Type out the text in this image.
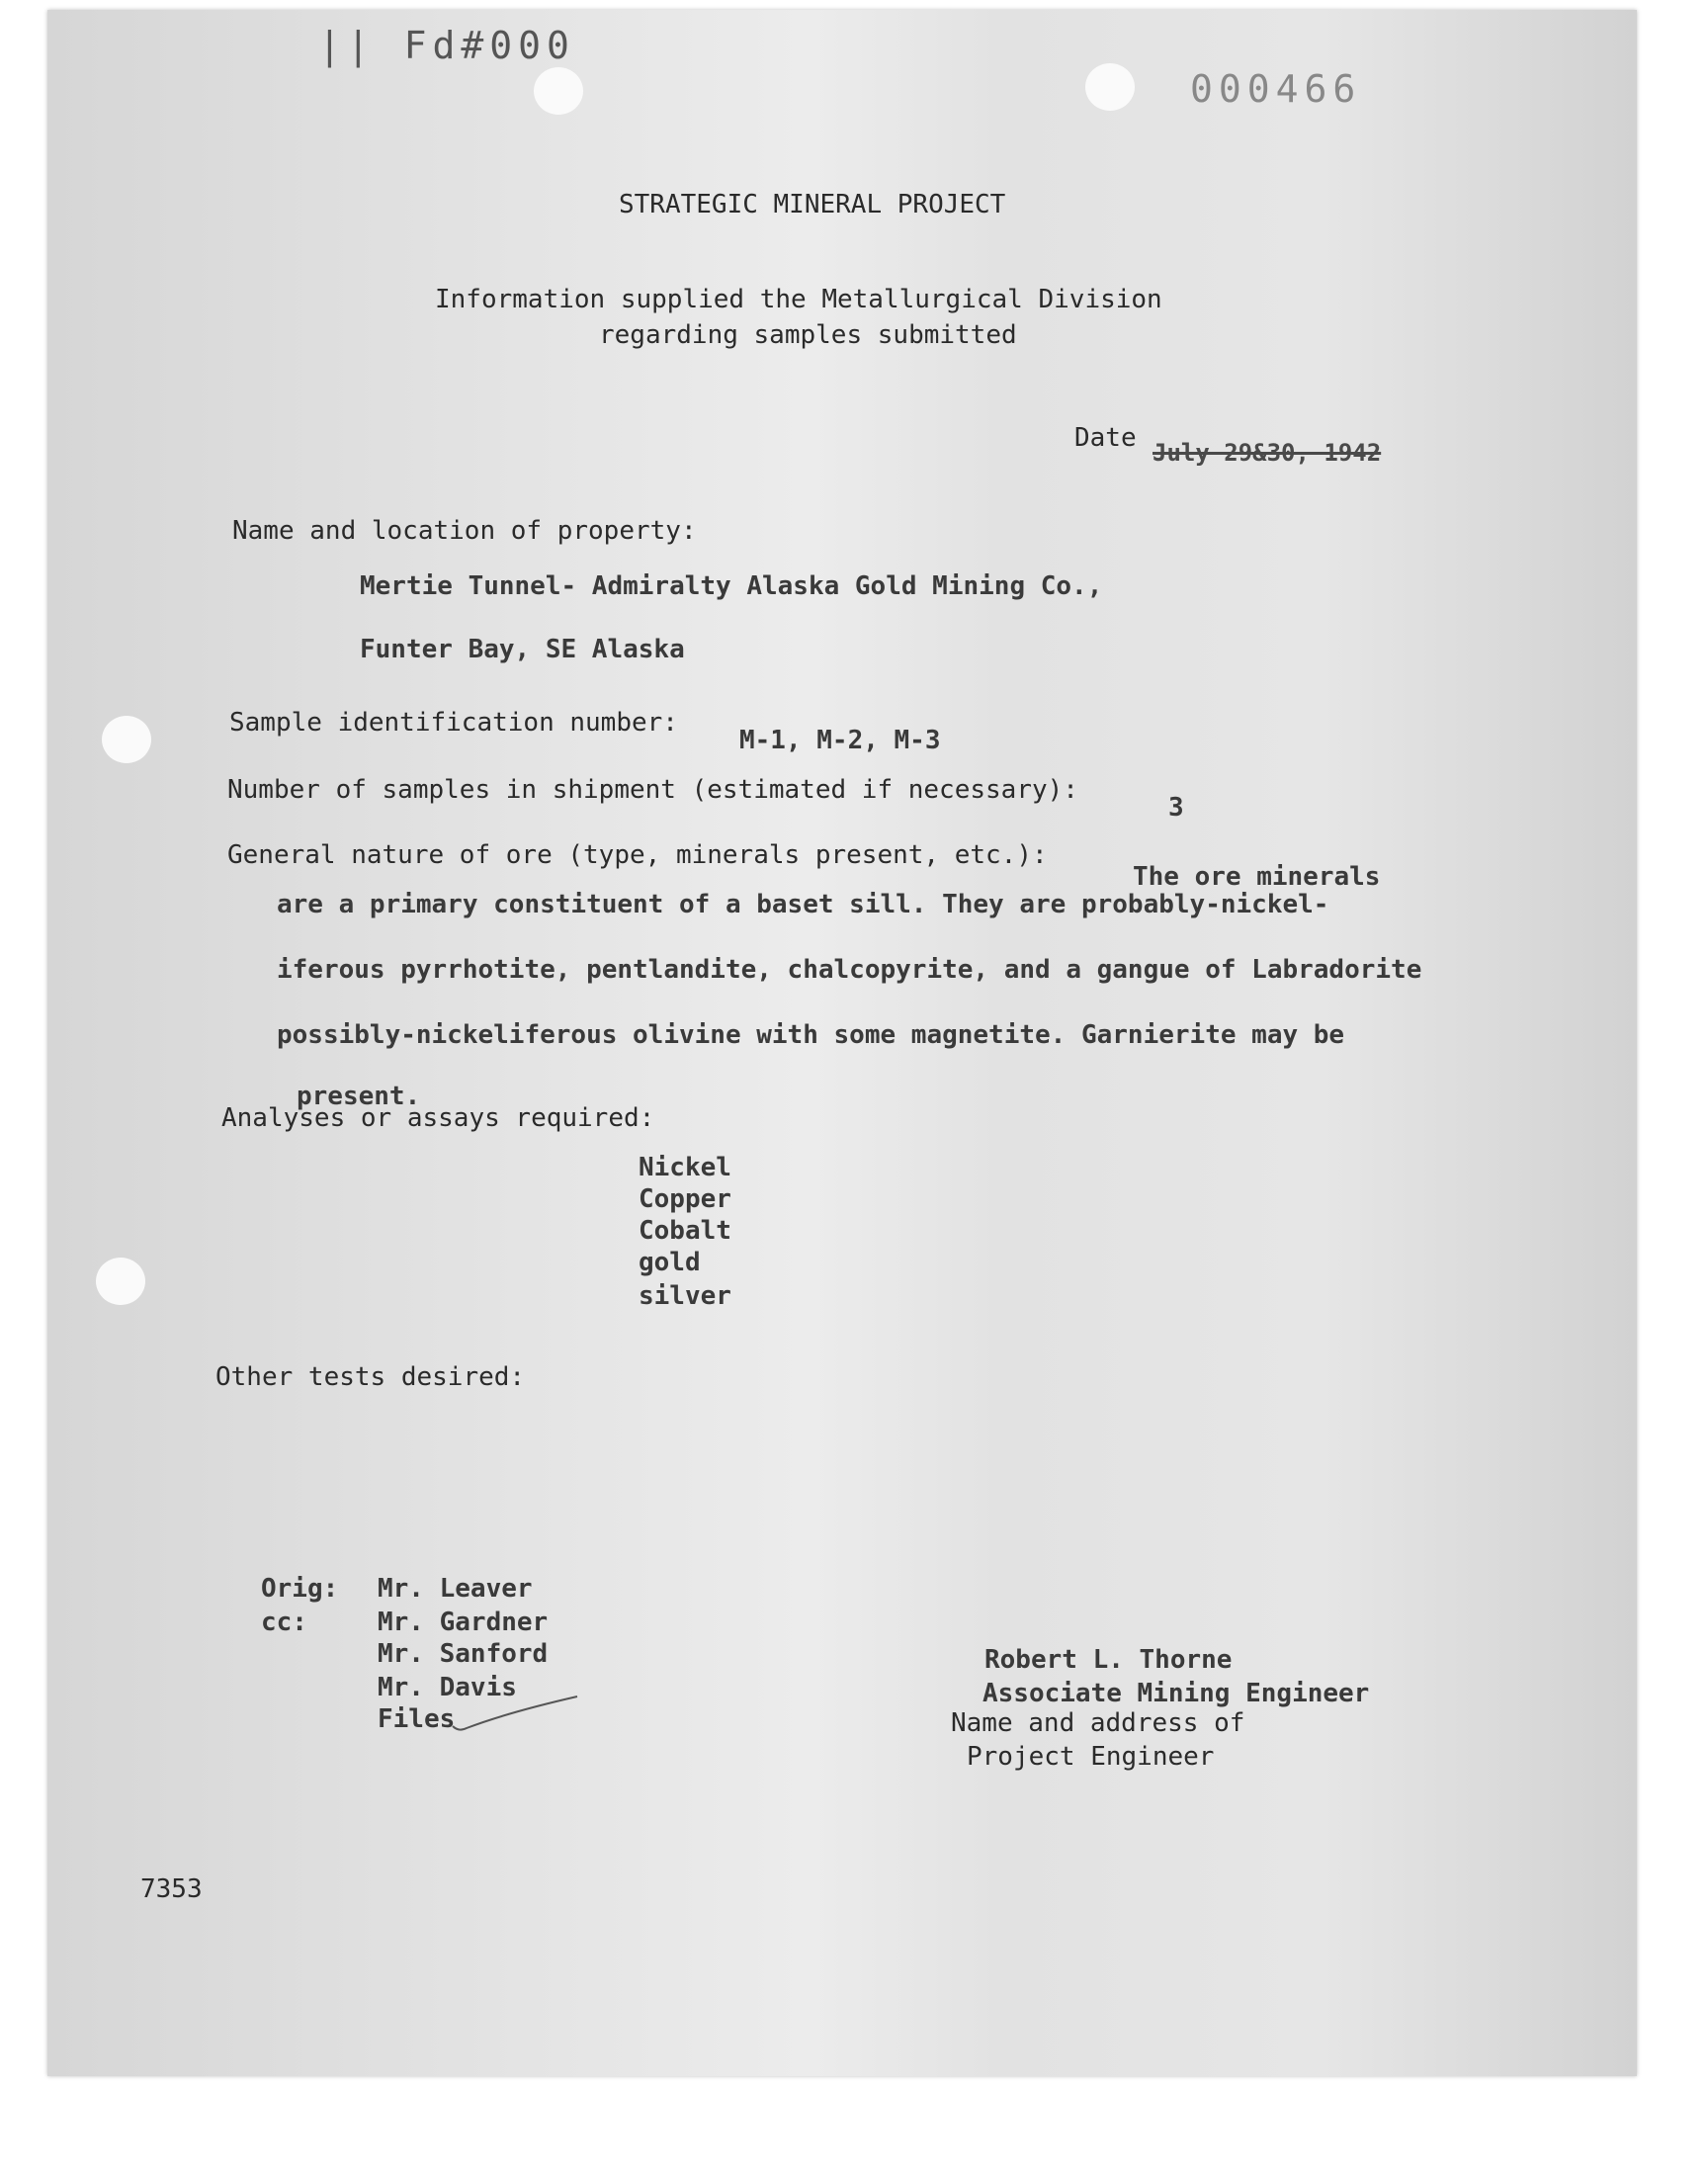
|| Fd#000
000466
STRATEGIC MINERAL PROJECT
Information supplied the Metallurgical Division
regarding samples submitted
Date July 29&30, 1942
Name and location of property:
Mertie Tunnel- Admiralty Alaska Gold Mining Co.,
Funter Bay, SE Alaska
Sample identification number:
M-1, M-2, M-3
Number of samples in shipment (estimated if necessary):
3
General nature of ore (type, minerals present, etc.):
The ore minerals
are a primary constituent of a baset sill. They are probably-nickel-
iferous pyrrhotite, pentlandite, chalcopyrite, and a gangue of Labradorite
possibly-nickeliferous olivine with some magnetite. Garnierite may be
present.
Analyses or assays required:
Nickel
Copper
Cobalt
gold
silver
Other tests desired:
Orig:
cc:
Mr. Leaver
Mr. Gardner
Mr. Sanford
Mr. Davis
Files
Robert L. Thorne
Associate Mining Engineer
Name and address of
Project Engineer
7353
